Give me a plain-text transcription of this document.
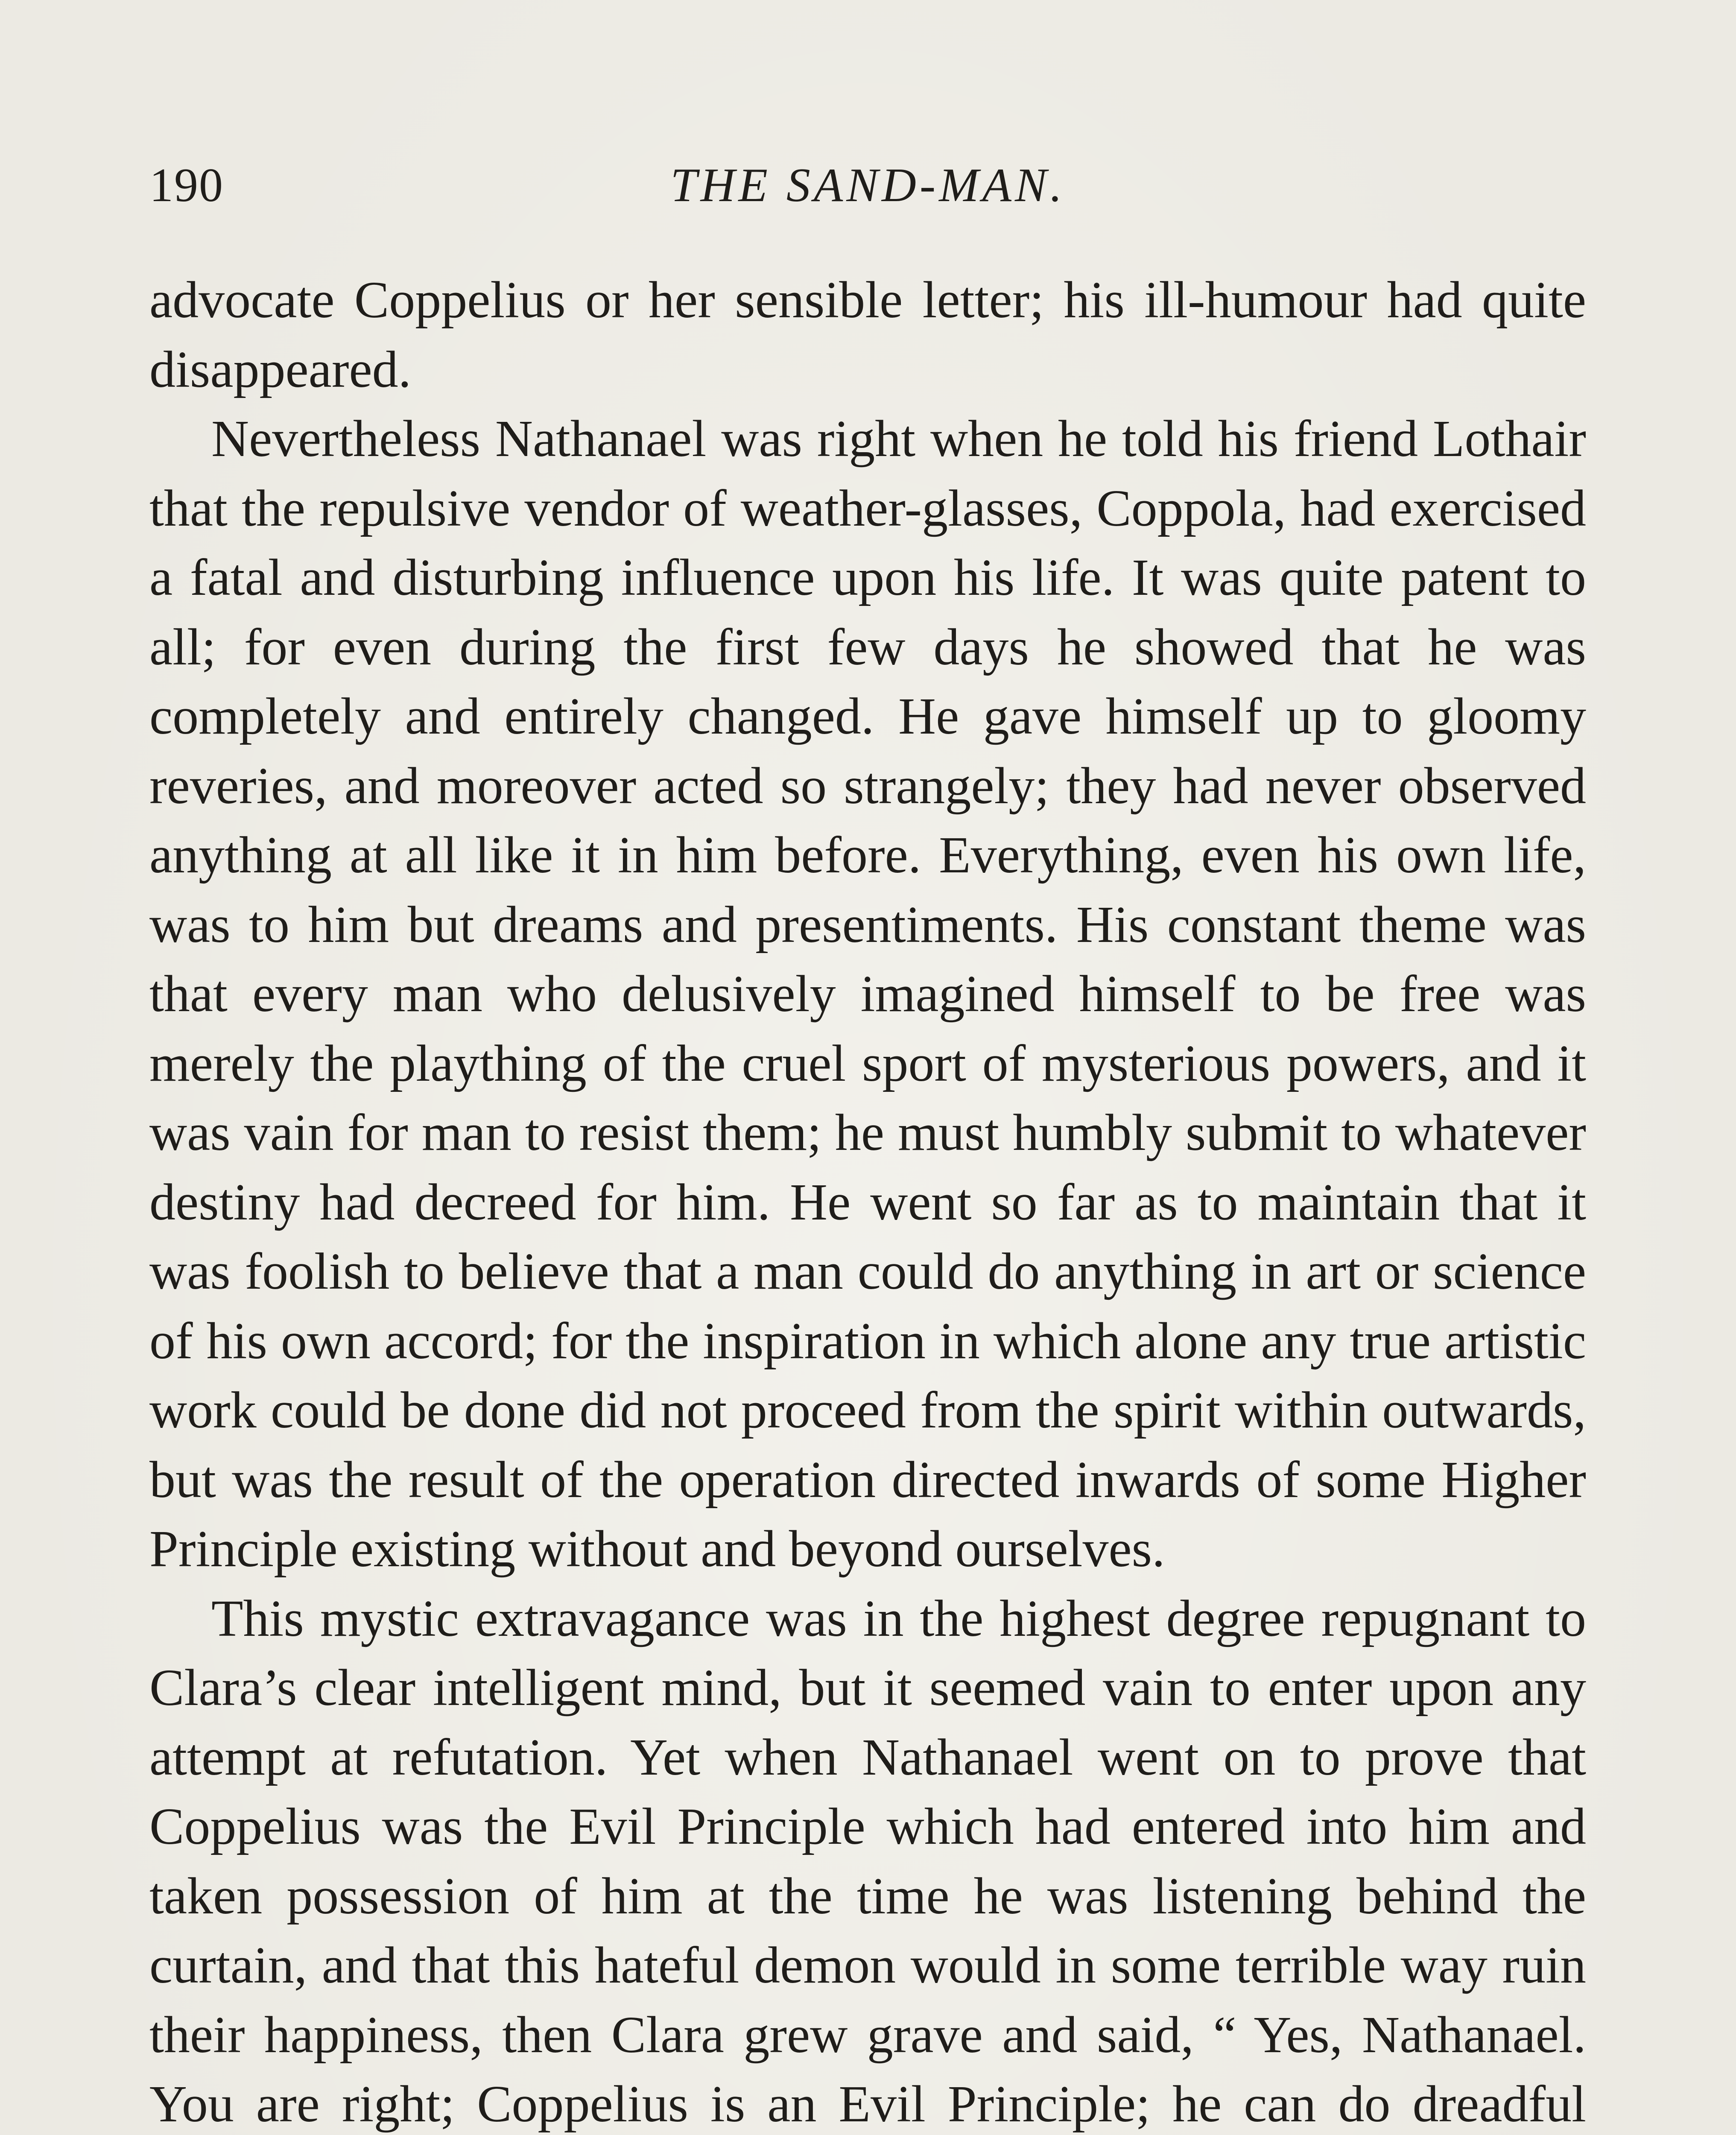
190	THE SAND-MAN.

advocate Coppelius or her sensible letter; his ill-humour had quite disappeared.

Nevertheless Nathanael was right when he told his friend Lothair that the repulsive vendor of weather-glasses, Coppola, had exercised a fatal and disturbing influence upon his life. It was quite patent to all; for even during the first few days he showed that he was completely and entirely changed. He gave himself up to gloomy reveries, and moreover acted so strangely; they had never observed anything at all like it in him before. Everything, even his own life, was to him but dreams and presentiments. His constant theme was that every man who delusively imagined himself to be free was merely the plaything of the cruel sport of mysterious powers, and it was vain for man to resist them; he must humbly submit to whatever destiny had decreed for him. He went so far as to maintain that it was foolish to believe that a man could do anything in art or science of his own accord; for the inspiration in which alone any true artistic work could be done did not proceed from the spirit within outwards, but was the result of the operation directed inwards of some Higher Principle existing without and beyond ourselves.

This mystic extravagance was in the highest degree repugnant to Clara’s clear intelligent mind, but it seemed vain to enter upon any attempt at refutation. Yet when Nathanael went on to prove that Coppelius was the Evil Principle which had entered into him and taken possession of him at the time he was listening behind the curtain, and that this hateful demon would in some terrible way ruin their happiness, then Clara grew grave and said, “ Yes, Nathanael. You are right; Coppelius is an Evil Principle; he can do dreadful
